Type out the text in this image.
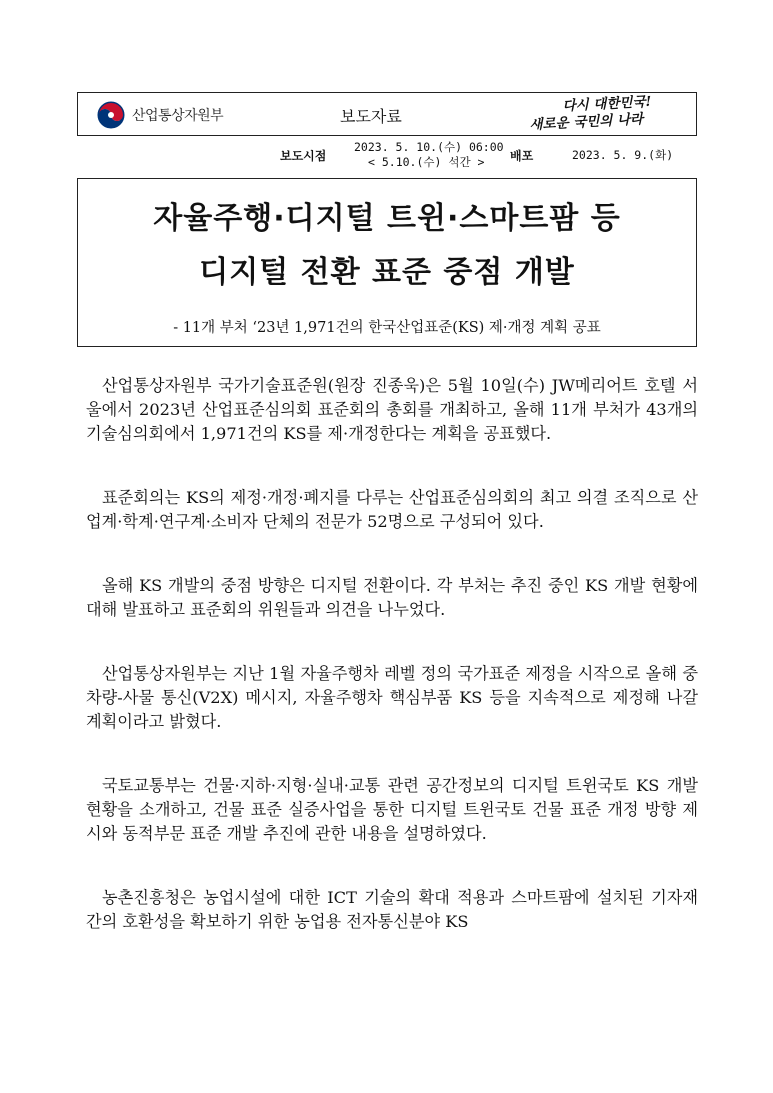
산업통상자원부	보도자료
다시 대한민국!
새로운 국민의 나라
보도시점
2023. 5. 10.(수) 06:00
< 5.10.(수) 석간 > 배포	2023. 5. 9.(화)
자율주행·디지털 트윈·스마트팜 등
디지털 전환 표준 중점 개발
- 11개 부처 ‘23년 1,971건의 한국산업표준(KS) 제·개정 계획 공표

산업통상자원부 국가기술표준원(원장 진종욱)은 5월 10일(수) JW메리어트 호텔 서울에서 2023년 산업표준심의회 표준회의 총회를 개최하고, 올해 11개 부처가 43개의 기술심의회에서 1,971건의 KS를 제·개정한다는 계획을 공표했다.

표준회의는 KS의 제정·개정·폐지를 다루는 산업표준심의회의 최고 의결 조직으로 산업계·학계·연구계·소비자 단체의 전문가 52명으로 구성되어 있다.

올해 KS 개발의 중점 방향은 디지털 전환이다. 각 부처는 추진 중인 KS 개발 현황에 대해 발표하고 표준회의 위원들과 의견을 나누었다.

산업통상자원부는 지난 1월 자율주행차 레벨 정의 국가표준 제정을 시작으로 올해 중 차량-사물 통신(V2X) 메시지, 자율주행차 핵심부품 KS 등을 지속적으로 제정해 나갈 계획이라고 밝혔다.

국토교통부는 건물·지하·지형·실내·교통 관련 공간정보의 디지털 트윈국토 KS 개발 현황을 소개하고, 건물 표준 실증사업을 통한 디지털 트윈국토 건물 표준 개정 방향 제시와 동적부문 표준 개발 추진에 관한 내용을 설명하였다.

농촌진흥청은 농업시설에 대한 ICT 기술의 확대 적용과 스마트팜에 설치된 기자재 간의 호환성을 확보하기 위한 농업용 전자통신분야 KS
